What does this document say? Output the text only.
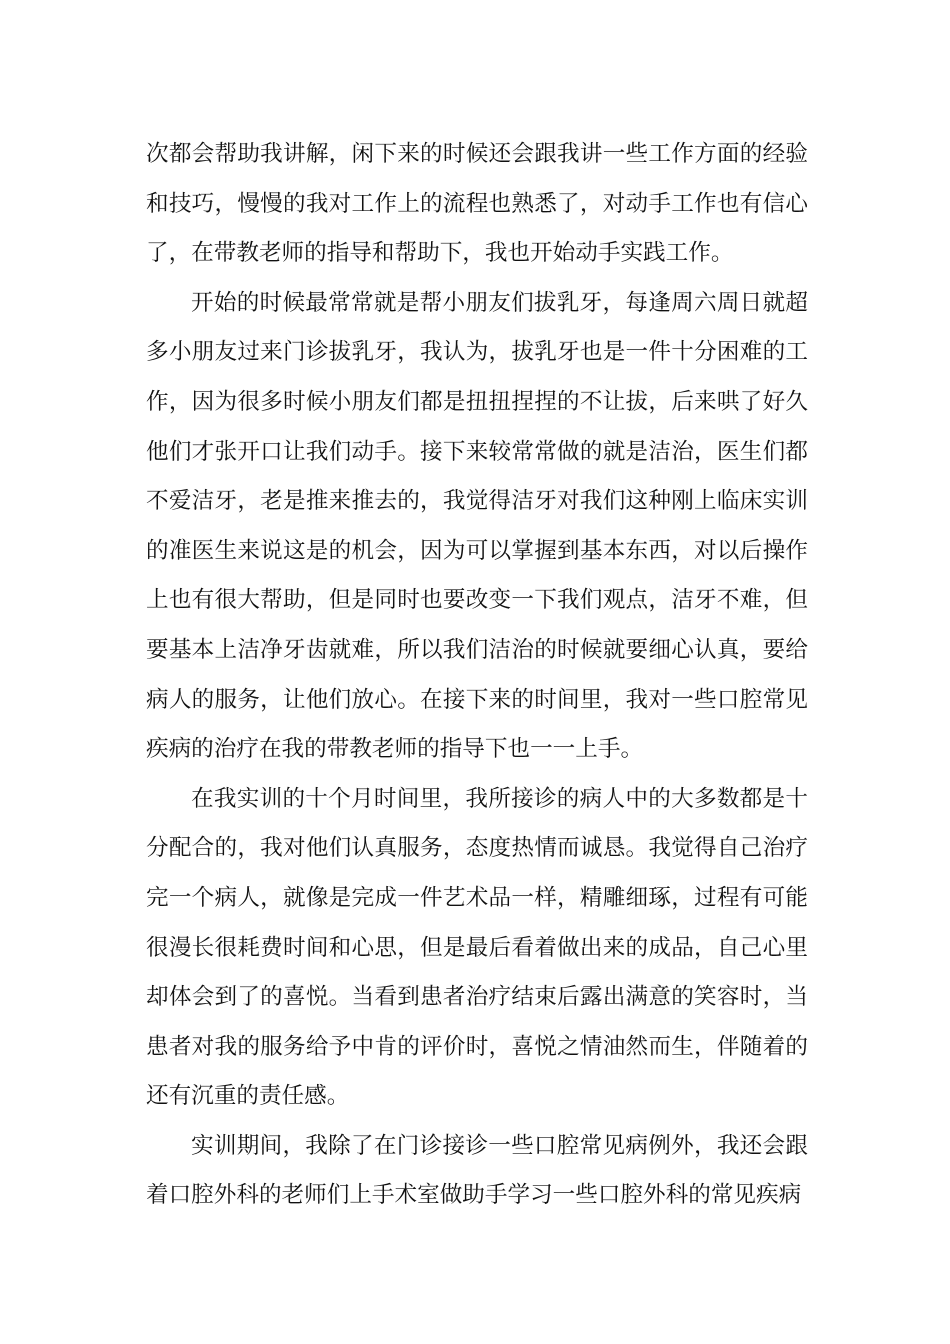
次都会帮助我讲解，闲下来的时候还会跟我讲一些工作方面的经验和技巧，慢慢的我对工作上的流程也熟悉了，对动手工作也有信心了，在带教老师的指导和帮助下，我也开始动手实践工作。

开始的时候最常常就是帮小朋友们拔乳牙，每逢周六周日就超多小朋友过来门诊拔乳牙，我认为，拔乳牙也是一件十分困难的工作，因为很多时候小朋友们都是扭扭捏捏的不让拔，后来哄了好久他们才张开口让我们动手。接下来较常常做的就是洁治，医生们都不爱洁牙，老是推来推去的，我觉得洁牙对我们这种刚上临床实训的准医生来说这是的机会，因为可以掌握到基本东西，对以后操作上也有很大帮助，但是同时也要改变一下我们观点，洁牙不难，但要基本上洁净牙齿就难，所以我们洁治的时候就要细心认真，要给病人的服务，让他们放心。在接下来的时间里，我对一些口腔常见疾病的治疗在我的带教老师的指导下也一一上手。

在我实训的十个月时间里，我所接诊的病人中的大多数都是十分配合的，我对他们认真服务，态度热情而诚恳。我觉得自己治疗完一个病人，就像是完成一件艺术品一样，精雕细琢，过程有可能很漫长很耗费时间和心思，但是最后看着做出来的成品，自己心里却体会到了的喜悦。当看到患者治疗结束后露出满意的笑容时，当患者对我的服务给予中肯的评价时，喜悦之情油然而生，伴随着的还有沉重的责任感。

实训期间，我除了在门诊接诊一些口腔常见病例外，我还会跟着口腔外科的老师们上手术室做助手学习一些口腔外科的常见疾病
